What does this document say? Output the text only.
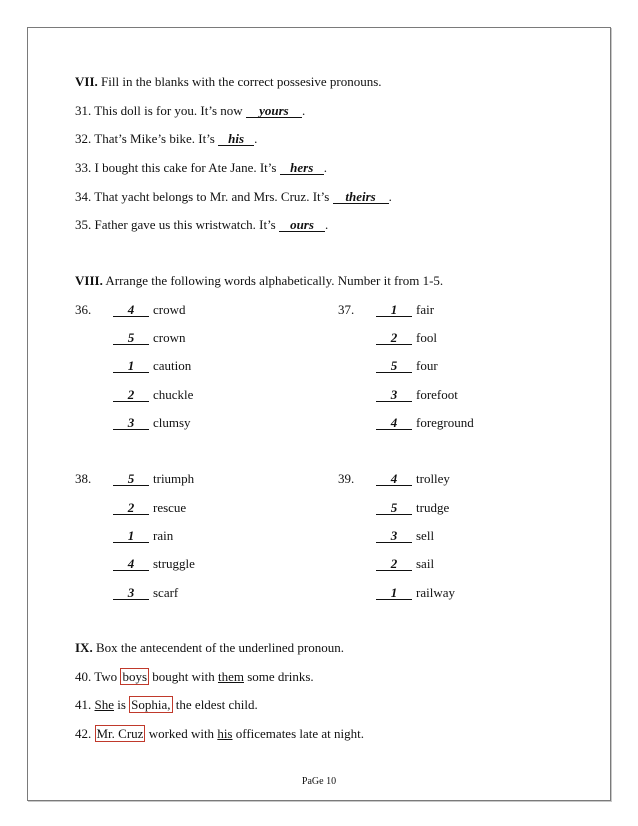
VII. Fill in the blanks with the correct possesive pronouns.
31. This doll is for you. It’s now yours .
32. That’s Mike’s bike. It’s his .
33. I bought this cake for Ate Jane. It’s hers .
34. That yacht belongs to Mr. and Mrs. Cruz. It’s theirs .
35. Father gave us this wristwatch. It’s ours .
VIII. Arrange the following words alphabetically. Number it from 1-5.
36.	4 crowd
5 crown
1 caution
2 chuckle
3 clumsy
37.	1 fair
2 fool
5 four
3 forefoot
4 foreground
38.	5 triumph
2 rescue
1 rain
4 struggle
3 scarf
39.	4 trolley
5 trudge
3 sell
2 sail
1 railway
IX. Box the antecendent of the underlined pronoun.
40. Two boys bought with them some drinks.
41. She is Sophia, the eldest child.
42. Mr. Cruz worked with his officemates late at night.
PaGe 10
